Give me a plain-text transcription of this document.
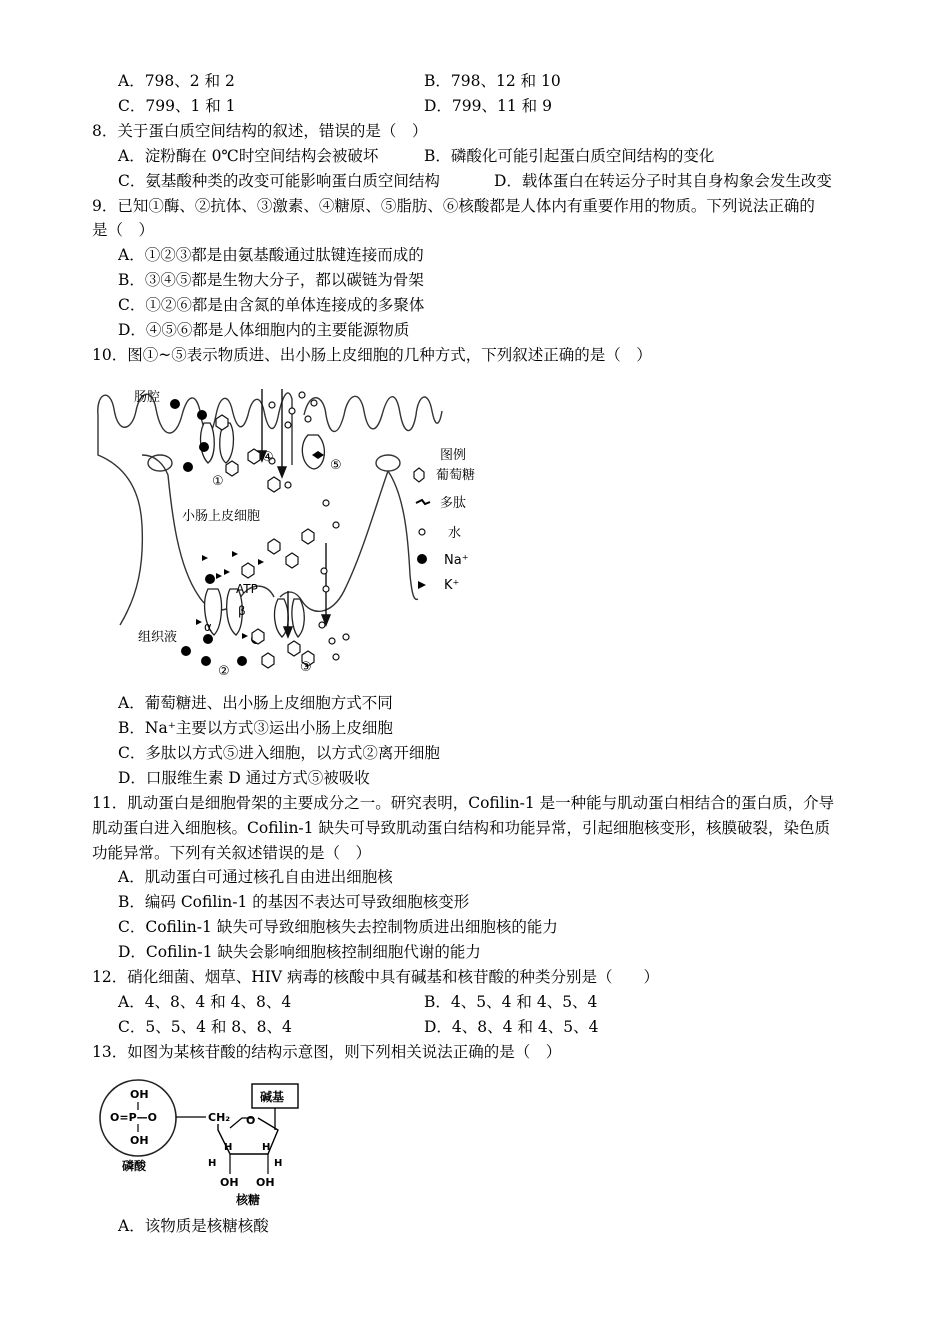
A．798、2 和 2	B．798、12 和 10
C．799、1 和 1	D．799、11 和 9
8．关于蛋白质空间结构的叙述，错误的是（　）
A．淀粉酶在 0℃时空间结构会被破坏	B．磷酸化可能引起蛋白质空间结构的变化
C．氨基酸种类的改变可能影响蛋白质空间结构	D．载体蛋白在转运分子时其自身构象会发生改变
9．已知①酶、②抗体、③激素、④糖原、⑤脂肪、⑥核酸都是人体内有重要作用的物质。下列说法正确的
是（　）
A．①②③都是由氨基酸通过肽键连接而成的
B．③④⑤都是生物大分子，都以碳链为骨架
C．①②⑥都是由含氮的单体连接成的多聚体
D．④⑤⑥都是人体细胞内的主要能源物质
10．图①~⑤表示物质进、出小肠上皮细胞的几种方式，下列叙述正确的是（　）
肠腔
小肠上皮细胞
组织液
ATP
α
β
①
②	③
④
⑤
图例
葡萄糖
多肽
水
Na⁺
K⁺
A．葡萄糖进、出小肠上皮细胞方式不同
B．Na⁺主要以方式③运出小肠上皮细胞
C．多肽以方式⑤进入细胞，以方式②离开细胞
D．口服维生素 D 通过方式⑤被吸收
11．肌动蛋白是细胞骨架的主要成分之一。研究表明，Cofilin-1 是一种能与肌动蛋白相结合的蛋白质，介导
肌动蛋白进入细胞核。Cofilin-1 缺失可导致肌动蛋白结构和功能异常，引起细胞核变形，核膜破裂，染色质
功能异常。下列有关叙述错误的是（　）
A．肌动蛋白可通过核孔自由进出细胞核
B．编码 Cofilin-1 的基因不表达可导致细胞核变形
C．Cofilin-1 缺失可导致细胞核失去控制物质进出细胞核的能力
D．Cofilin-1 缺失会影响细胞核控制细胞代谢的能力
12．硝化细菌、烟草、HIV 病毒的核酸中具有碱基和核苷酸的种类分别是（　　）
A．4、8、4 和 4、8、4	B．4、5、4 和 4、5、4
C．5、5、4 和 8、8、4	D．4、8、4 和 4、5、4
13．如图为某核苷酸的结构示意图，则下列相关说法正确的是（　）
OH
O=P—O
OH
磷酸
CH₂
碱基
O
H
H	H
H
OH OH
核糖
A．该物质是核糖核酸
